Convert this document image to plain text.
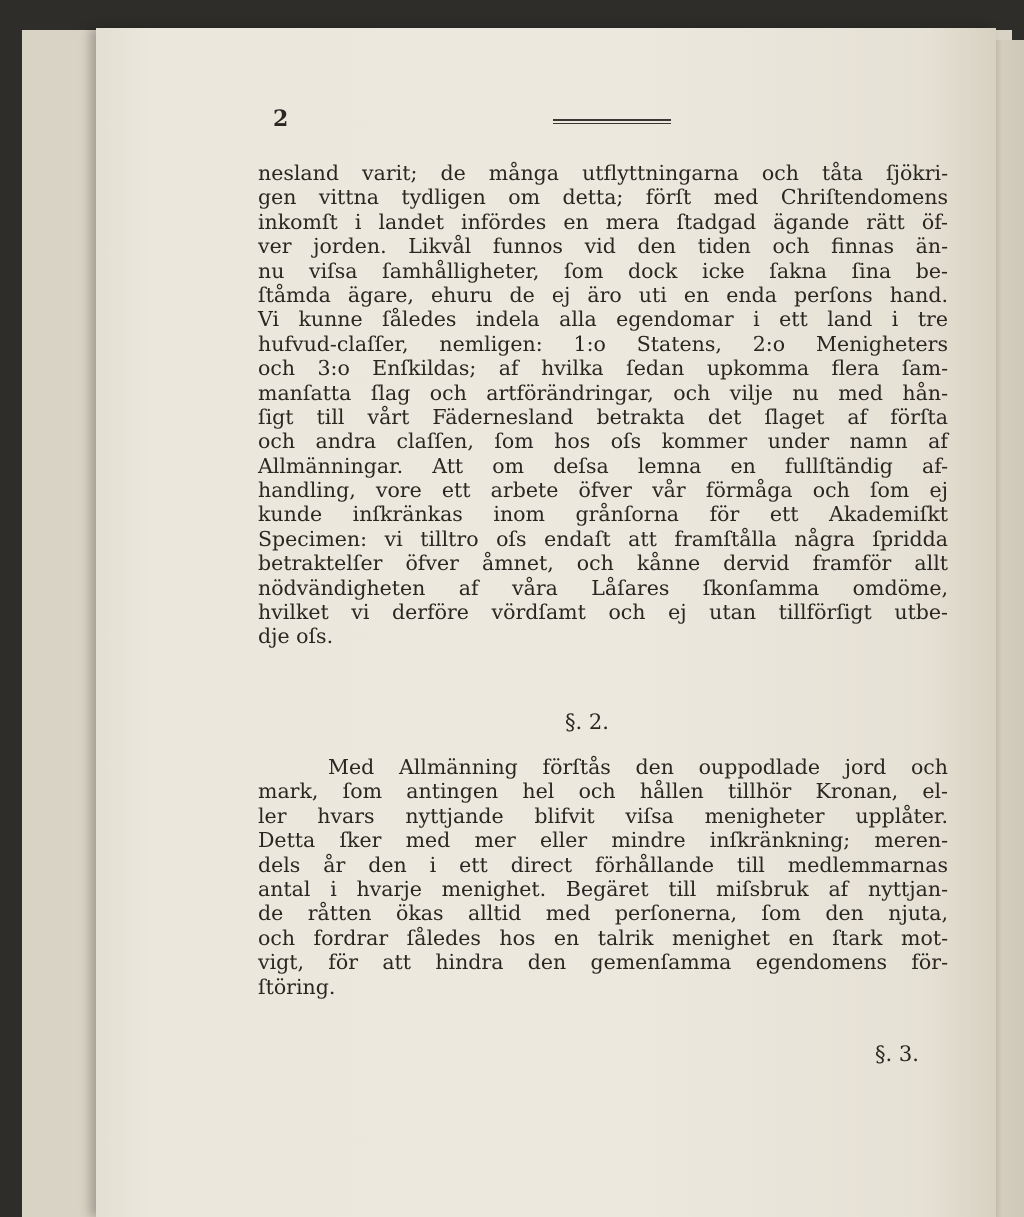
2
nesland varit; de många utflyttningarna och tåta ſjökri-
gen vittna tydligen om detta; förſt med Chriſtendomens
inkomſt i landet infördes en mera ſtadgad ägande rätt öf-
ver jorden. Likvål funnos vid den tiden och finnas än-
nu viſsa ſamhålligheter, ſom dock icke ſakna ſina be-
ſtåmda ägare, ehuru de ej äro uti en enda perſons hand.
Vi kunne ſåledes indela alla egendomar i ett land i tre
hufvud-claſſer, nemligen: 1:o Statens, 2:o Menigheters
och 3:o Enſkildas; af hvilka ſedan upkomma flera ſam-
manſatta ſlag och artförändringar, och vilje nu med hån-
ſigt till vårt Fädernesland betrakta det ſlaget af förſta
och andra claſſen, ſom hos oſs kommer under namn af
Allmänningar. Att om deſsa lemna en fullſtändig af-
handling, vore ett arbete öfver vår förmåga och ſom ej
kunde inſkränkas inom grånſorna för ett Akademiſkt
Specimen: vi tilltro oſs endaſt att framſtålla några ſpridda
betraktelſer öfver åmnet, och kånne dervid framför allt
nödvändigheten af våra Låſares ſkonſamma omdöme,
hvilket vi derföre vördſamt och ej utan tillförſigt utbe-
dje oſs.
§. 2.
Med Allmänning förſtås den ouppodlade jord och
mark, ſom antingen hel och hållen tillhör Kronan, el-
ler hvars nyttjande blifvit viſsa menigheter upplåter.
Detta ſker med mer eller mindre inſkränkning; meren-
dels år den i ett direct förhållande till medlemmarnas
antal i hvarje menighet. Begäret till miſsbruk af nyttjan-
de råtten ökas alltid med perſonerna, ſom den njuta,
och fordrar ſåledes hos en talrik menighet en ſtark mot-
vigt, för att hindra den gemenſamma egendomens för-
ſtöring.
§. 3.
